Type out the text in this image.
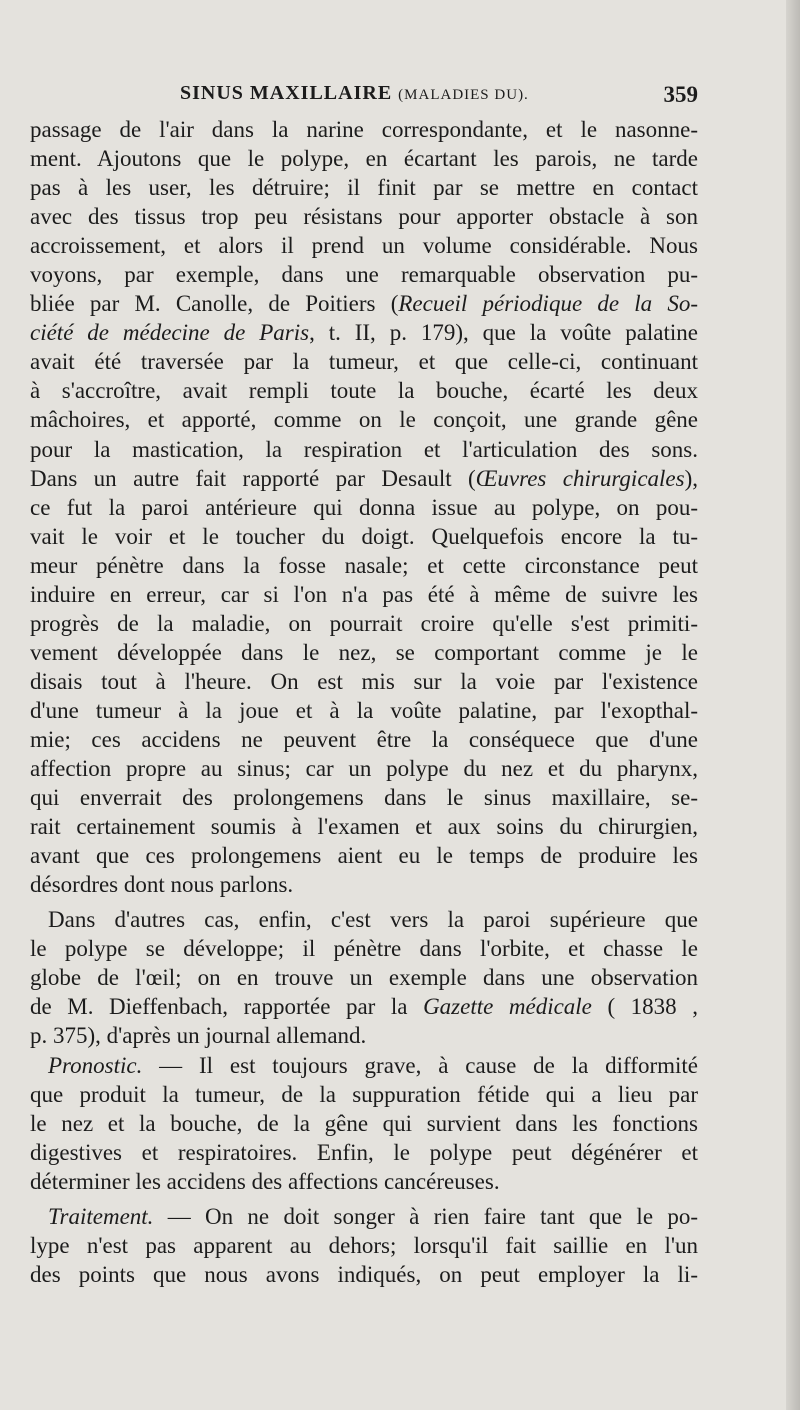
SINUS MAXILLAIRE (MALADIES DU).	359
passage de l'air dans la narine correspondante, et le nasonne-
ment. Ajoutons que le polype, en écartant les parois, ne tarde
pas à les user, les détruire; il finit par se mettre en contact
avec des tissus trop peu résistans pour apporter obstacle à son
accroissement, et alors il prend un volume considérable. Nous
voyons, par exemple, dans une remarquable observation pu-
bliée par M. Canolle, de Poitiers (Recueil périodique de la So-
ciété de médecine de Paris, t. II, p. 179), que la voûte palatine
avait été traversée par la tumeur, et que celle-ci, continuant
à s'accroître, avait rempli toute la bouche, écarté les deux
mâchoires, et apporté, comme on le conçoit, une grande gêne
pour la mastication, la respiration et l'articulation des sons.
Dans un autre fait rapporté par Desault (Œuvres chirurgicales),
ce fut la paroi antérieure qui donna issue au polype, on pou-
vait le voir et le toucher du doigt. Quelquefois encore la tu-
meur pénètre dans la fosse nasale; et cette circonstance peut
induire en erreur, car si l'on n'a pas été à même de suivre les
progrès de la maladie, on pourrait croire qu'elle s'est primiti-
vement développée dans le nez, se comportant comme je le
disais tout à l'heure. On est mis sur la voie par l'existence
d'une tumeur à la joue et à la voûte palatine, par l'exopthal-
mie; ces accidens ne peuvent être la conséquece que d'une
affection propre au sinus; car un polype du nez et du pharynx,
qui enverrait des prolongemens dans le sinus maxillaire, se-
rait certainement soumis à l'examen et aux soins du chirurgien,
avant que ces prolongemens aient eu le temps de produire les
désordres dont nous parlons.
Dans d'autres cas, enfin, c'est vers la paroi supérieure que
le polype se développe; il pénètre dans l'orbite, et chasse le
globe de l'œil; on en trouve un exemple dans une observation
de M. Dieffenbach, rapportée par la Gazette médicale ( 1838 ,
p. 375), d'après un journal allemand.
Pronostic. — Il est toujours grave, à cause de la difformité
que produit la tumeur, de la suppuration fétide qui a lieu par
le nez et la bouche, de la gêne qui survient dans les fonctions
digestives et respiratoires. Enfin, le polype peut dégénérer et
déterminer les accidens des affections cancéreuses.
Traitement. — On ne doit songer à rien faire tant que le po-
lype n'est pas apparent au dehors; lorsqu'il fait saillie en l'un
des points que nous avons indiqués, on peut employer la li-
